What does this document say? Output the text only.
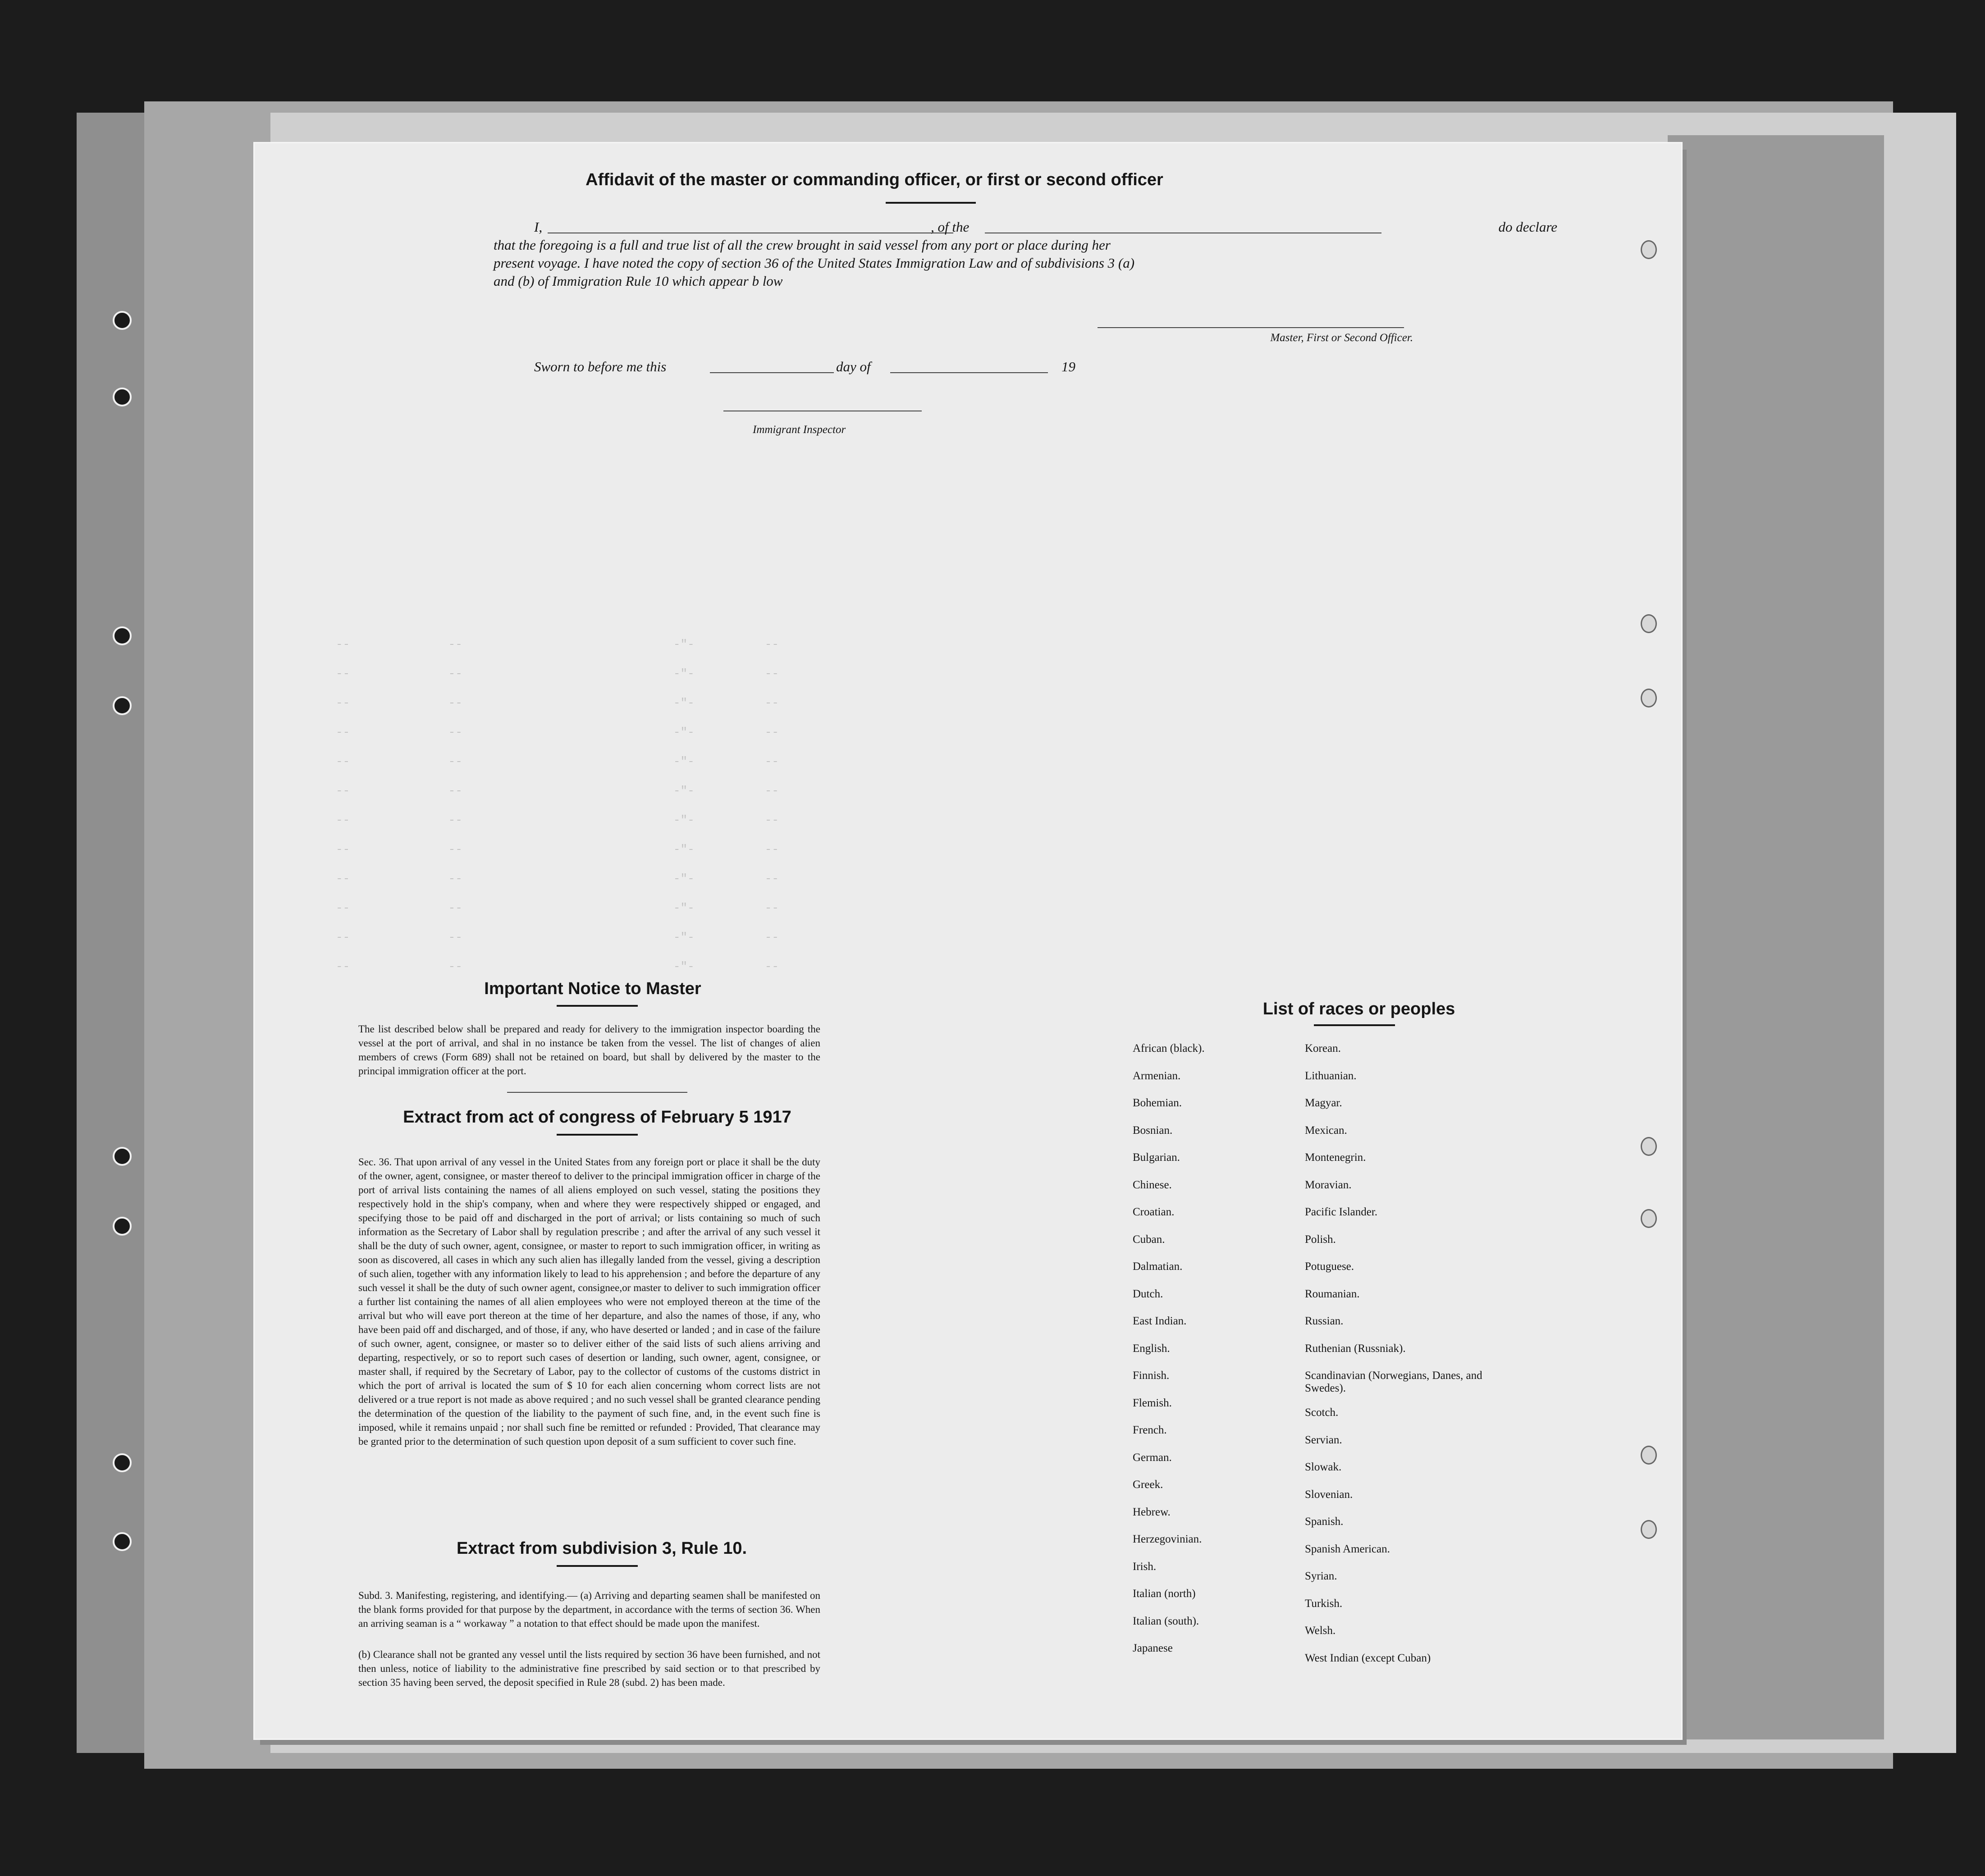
--              --                              -"-          --
--              --                              -"-          --
--              --                              -"-          --
--              --                              -"-          --
--              --                              -"-          --
--              --                              -"-          --
--              --                              -"-          --
--              --                              -"-          --
--              --                              -"-          --
--              --                              -"-          --
--              --                              -"-          --
--              --                              -"-          --
Affidavit of the master or commanding officer, or first or second officer
I,	, of the	do declare
that the foregoing is a full and true list of all the crew brought in said vessel from any port or place during her
present voyage. I have noted the copy of section 36 of the United States Immigration Law and of subdivisions 3 (a)
and (b) of Immigration Rule 10 which appear b low
Master, First or Second Officer.
Sworn to before me this	day of	19
Immigrant Inspector
Important Notice to Master
The list described below shall be prepared and ready for delivery to the immigration inspector boarding the vessel at the port of arrival, and shal in no instance be taken from the vessel. The list of changes of alien members of crews (Form 689) shall not be retained on board, but shall by delivered by the master to the principal immigration officer at the port.
Extract from act of congress of February 5 1917
Sec. 36. That upon arrival of any vessel in the United States from any foreign port or place it shall be the duty of the owner, agent, consignee, or master thereof to deliver to the principal immigration officer in charge of the port of arrival lists containing the names of all aliens employed on such vessel, stating the positions they respectively hold in the ship's company, when and where they were respectively shipped or engaged, and specifying those to be paid off and discharged in the port of arrival; or lists containing so much of such information as the Secretary of Labor shall by regulation prescribe ; and after the arrival of any such vessel it shall be the duty of such owner, agent, consignee, or master to report to such immigration officer, in writing as soon as discovered, all cases in which any such alien has illegally landed from the vessel, giving a description of such alien, together with any information likely to lead to his apprehension ; and before the departure of any such vessel it shall be the duty of such owner agent, consignee,or master to deliver to such immigration officer a further list containing the names of all alien employees who were not employed thereon at the time of the arrival but who will eave port thereon at the time of her departure, and also the names of those, if any, who have been paid off and discharged, and of those, if any, who have deserted or landed ; and in case of the failure of such owner, agent, consignee, or master so to deliver either of the said lists of such aliens arriving and departing, respectively, or so to report such cases of desertion or landing, such owner, agent, consignee, or master shall, if required by the Secretary of Labor, pay to the collector of customs of the customs district in which the port of arrival is located the sum of $ 10 for each alien concerning whom correct lists are not delivered or a true report is not made as above required ; and no such vessel shall be granted clearance pending the determination of the question of the liability to the payment of such fine, and, in the event such fine is imposed, while it remains unpaid ; nor shall such fine be remitted or refunded : Provided, That clearance may be granted prior to the determination of such question upon deposit of a sum sufficient to cover such fine.
Extract from subdivision 3, Rule 10.
Subd. 3. Manifesting, registering, and identifying.— (a) Arriving and departing seamen shall be manifested on the blank forms provided for that purpose by the department, in accordance with the terms of section 36. When an arriving seaman is a “ workaway ” a notation to that effect should be made upon the manifest.
(b) Clearance shall not be granted any vessel until the lists required by section 36 have been furnished, and not then unless, notice of liability to the administrative fine prescribed by said section or to that prescribed by section 35 having been served, the deposit specified in Rule 28 (subd. 2) has been made.
List of races or peoples
African (black).
Armenian.
Bohemian.
Bosnian.
Bulgarian.
Chinese.
Croatian.
Cuban.
Dalmatian.
Dutch.
East Indian.
English.
Finnish.
Flemish.
French.
German.
Greek.
Hebrew.
Herzegovinian.
Irish.
Italian (north)
Italian (south).
Japanese
Korean.
Lithuanian.
Magyar.
Mexican.
Montenegrin.
Moravian.
Pacific Islander.
Polish.
Potuguese.
Roumanian.
Russian.
Ruthenian (Russniak).
Scandinavian (Norwegians, Danes, and Swedes).
Scotch.
Servian.
Slowak.
Slovenian.
Spanish.
Spanish American.
Syrian.
Turkish.
Welsh.
West Indian (except Cuban)
